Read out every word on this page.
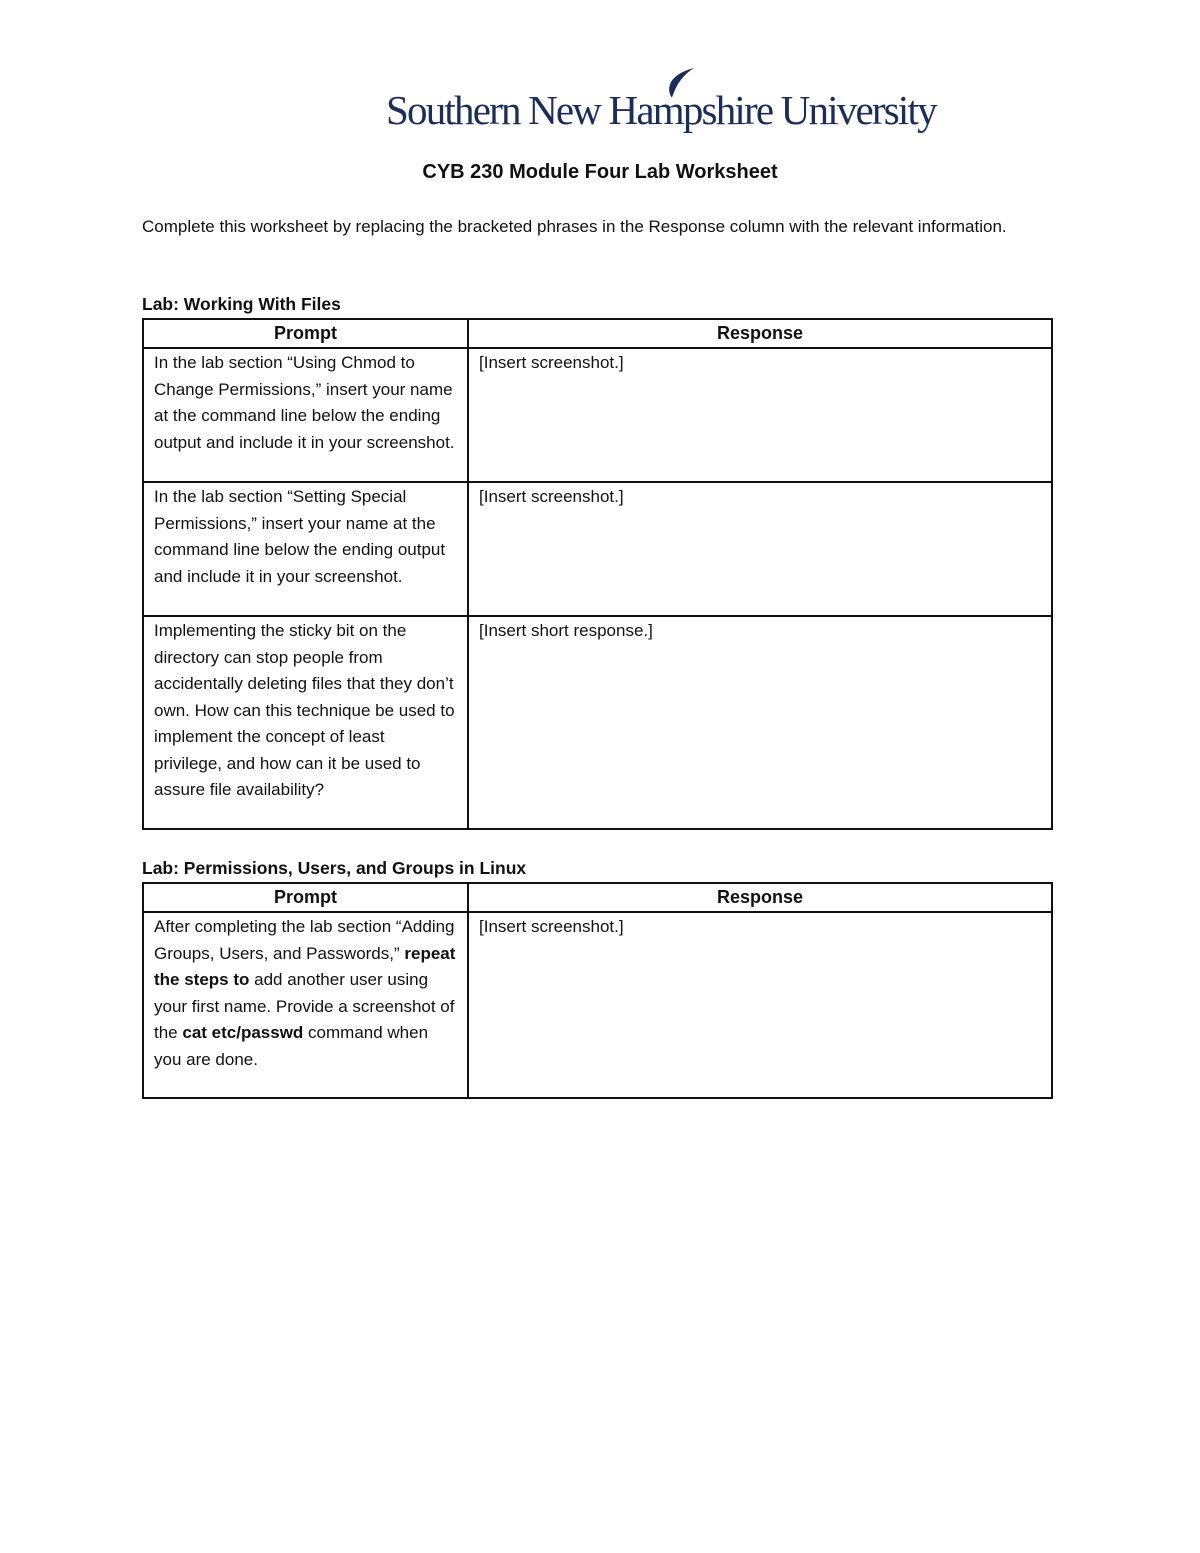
Southern New Hampshire University
CYB 230 Module Four Lab Worksheet
Complete this worksheet by replacing the bracketed phrases in the Response column with the relevant information.
Lab: Working With Files
Prompt	Response
In the lab section “Using Chmod to Change Permissions,” insert your name at the command line below the ending output and include it in your screenshot.	[Insert screenshot.]
In the lab section “Setting Special Permissions,” insert your name at the command line below the ending output and include it in your screenshot.	[Insert screenshot.]
Implementing the sticky bit on the directory can stop people from accidentally deleting files that they don’t own. How can this technique be used to implement the concept of least privilege, and how can it be used to assure file availability?	[Insert short response.]
Lab: Permissions, Users, and Groups in Linux
Prompt	Response
After completing the lab section “Adding Groups, Users, and Passwords,” repeat the steps to add another user using your first name. Provide a screenshot of the cat etc/passwd command when you are done.	[Insert screenshot.]
